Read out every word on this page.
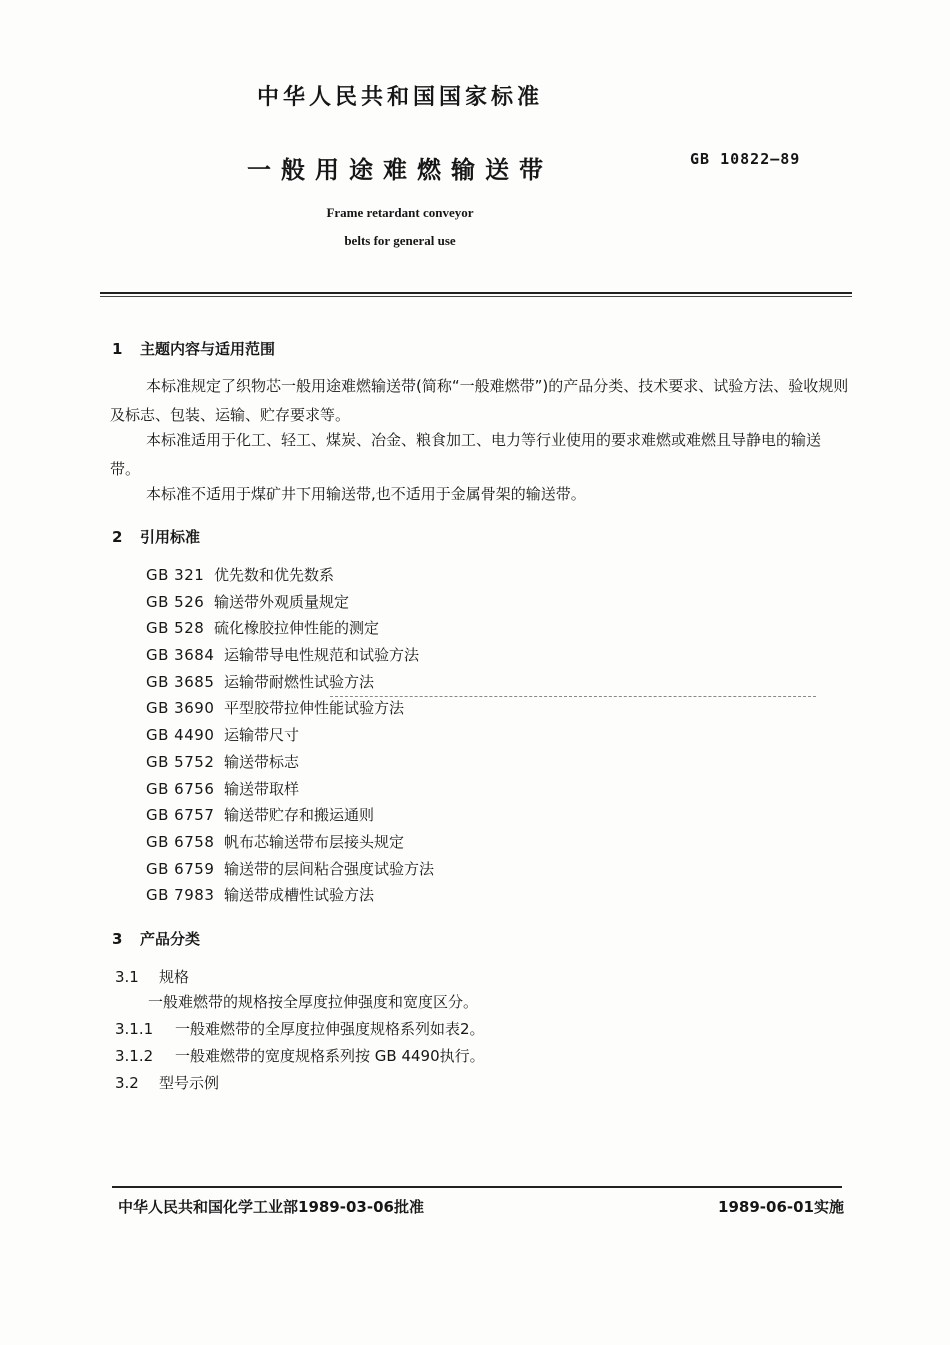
中华人民共和国国家标准
一般用途难燃输送带	GB 10822—89
Frame retardant conveyor
belts for general use
1 主题内容与适用范围
本标准规定了织物芯一般用途难燃输送带(简称“一般难燃带”)的产品分类、技术要求、试验方法、验收规则及标志、包装、运输、贮存要求等。
本标准适用于化工、轻工、煤炭、冶金、粮食加工、电力等行业使用的要求难燃或难燃且导静电的输送带。
本标准不适用于煤矿井下用输送带,也不适用于金属骨架的输送带。
2 引用标准
GB 321 优先数和优先数系
GB 526 输送带外观质量规定
GB 528 硫化橡胶拉伸性能的测定
GB 3684 运输带导电性规范和试验方法
GB 3685 运输带耐燃性试验方法
GB 3690 平型胶带拉伸性能试验方法
GB 4490 运输带尺寸
GB 5752 输送带标志
GB 6756 输送带取样
GB 6757 输送带贮存和搬运通则
GB 6758 帆布芯输送带布层接头规定
GB 6759 输送带的层间粘合强度试验方法
GB 7983 输送带成槽性试验方法
3 产品分类
3.1 规格
一般难燃带的规格按全厚度拉伸强度和宽度区分。
3.1.1 一般难燃带的全厚度拉伸强度规格系列如表2。
3.1.2 一般难燃带的宽度规格系列按 GB 4490执行。
3.2 型号示例
中华人民共和国化学工业部1989-03-06批准	1989-06-01实施
